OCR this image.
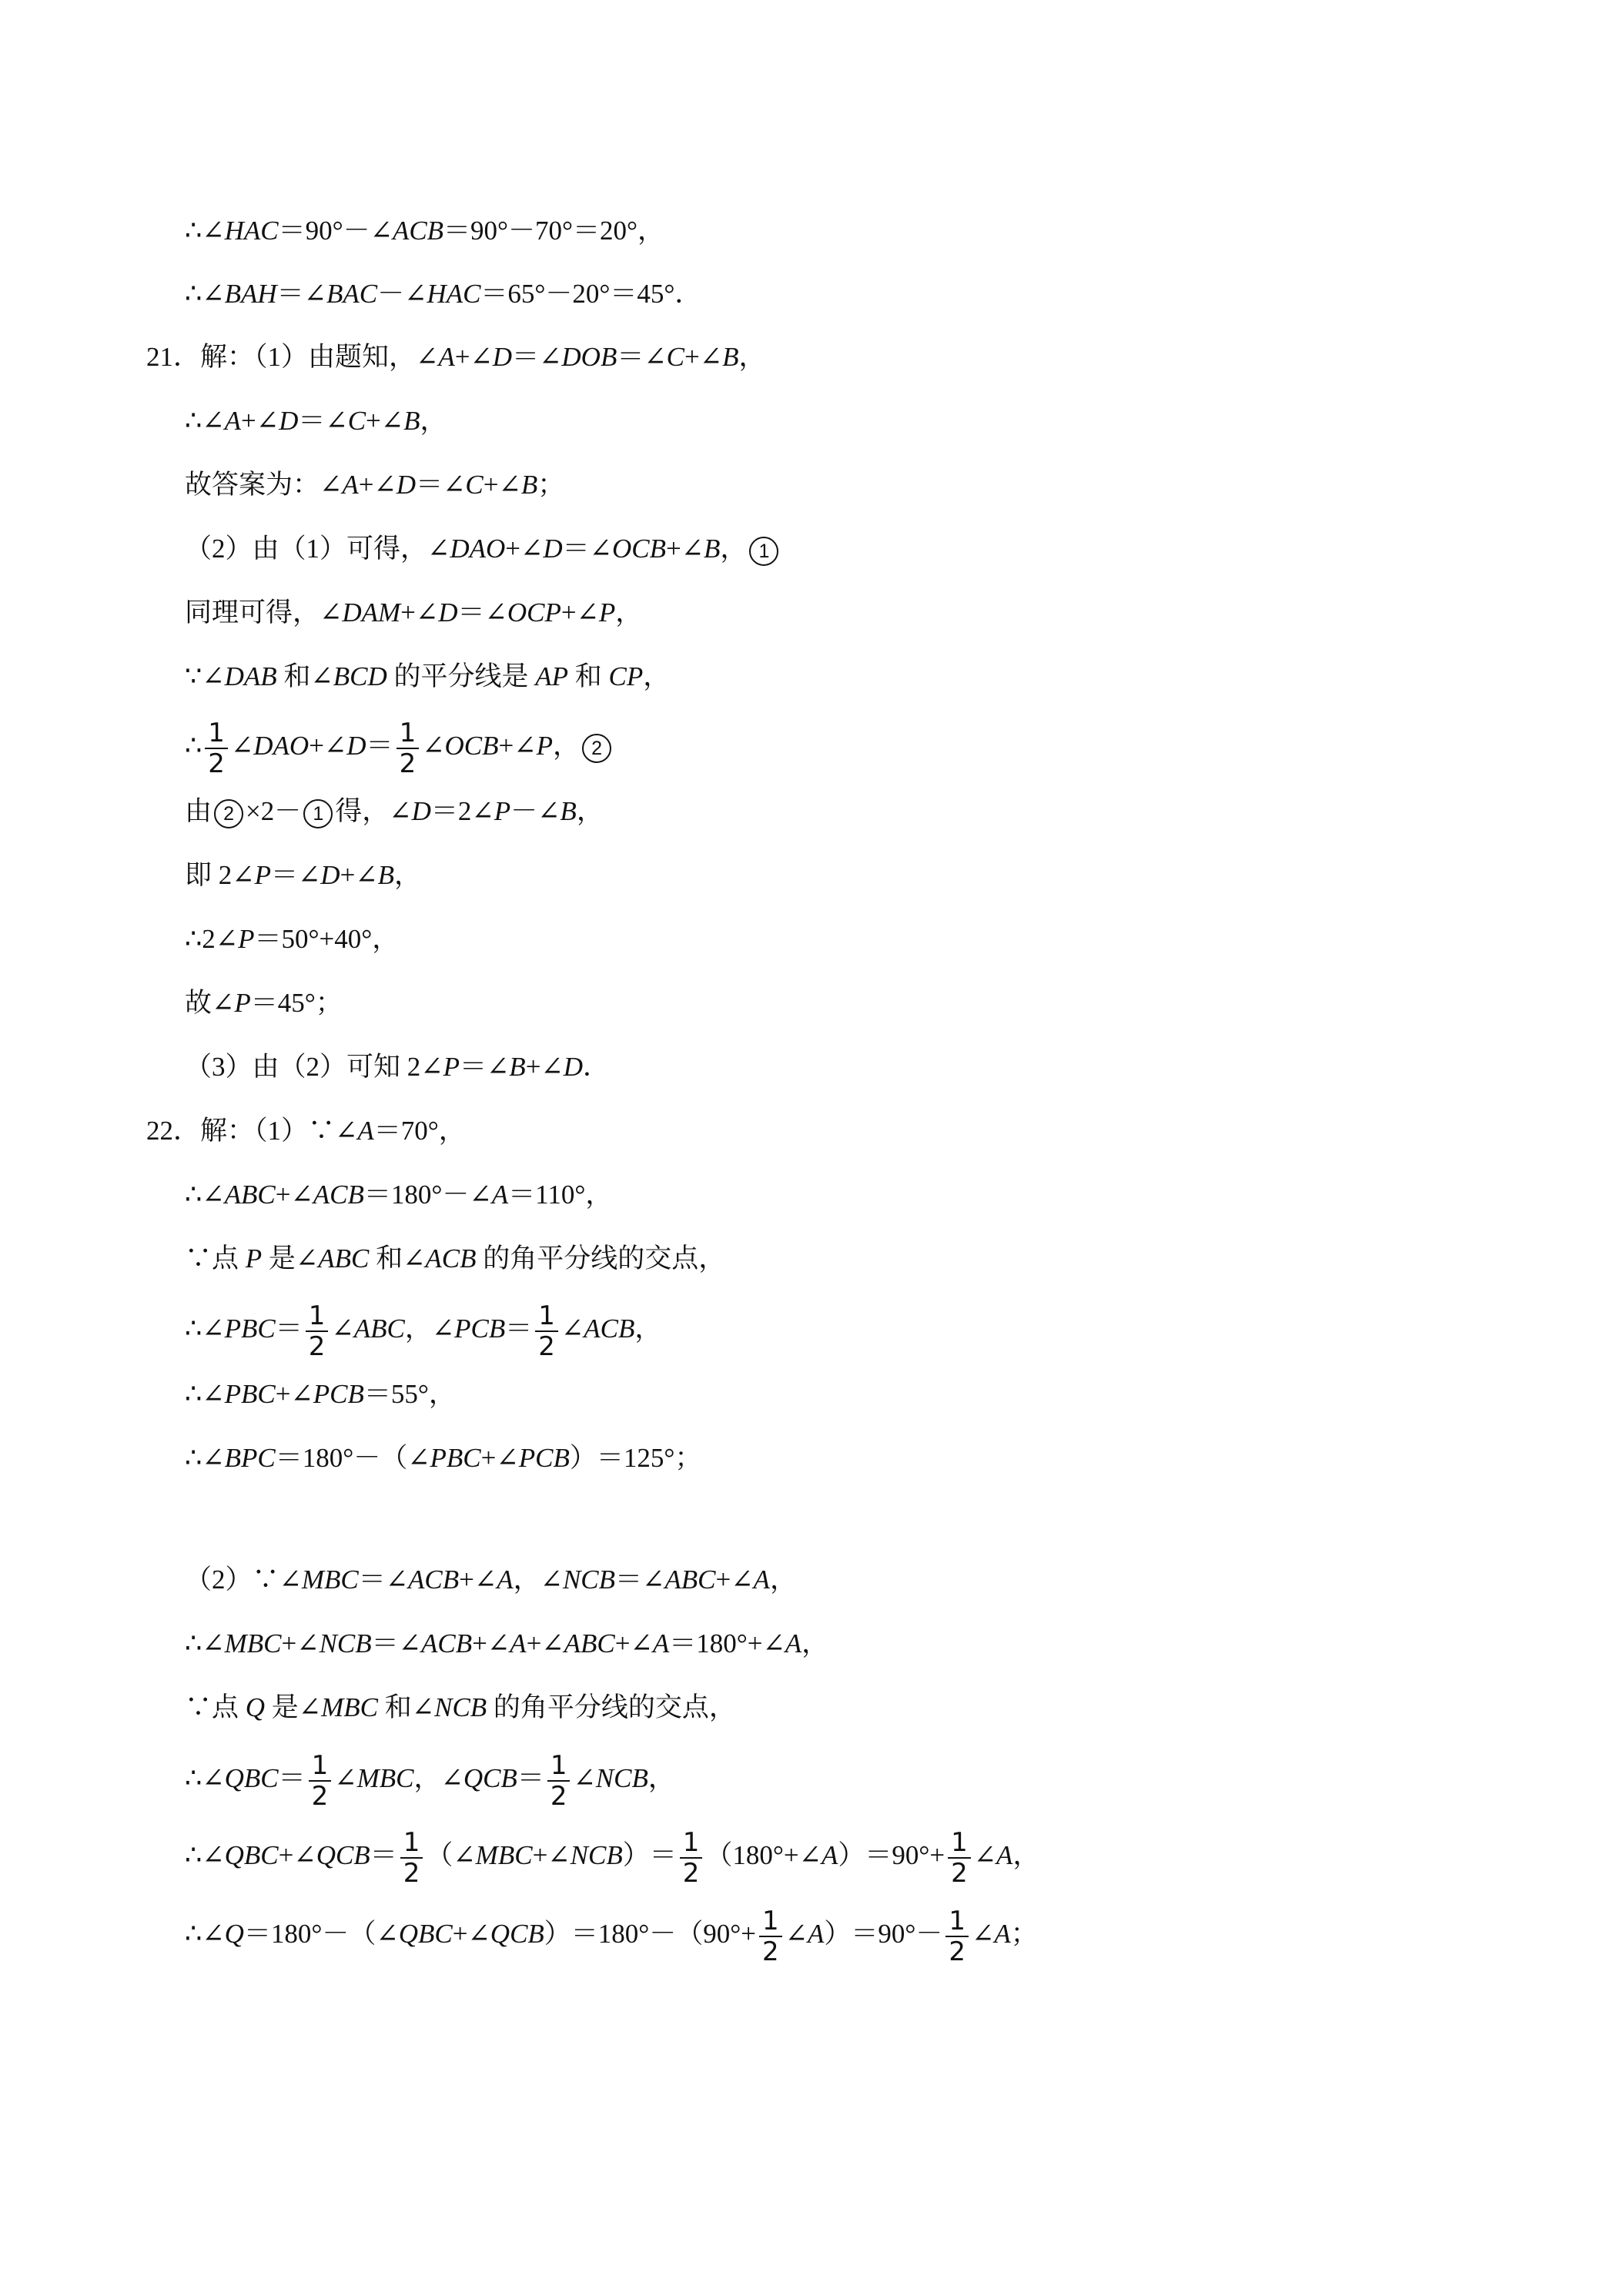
∴∠HAC＝90°－∠ACB＝90°－70°＝20°，
∴∠BAH＝∠BAC－∠HAC＝65°－20°＝45°．
21．解：（1）由题知，∠A+∠D＝∠DOB＝∠C+∠B，
∴∠A+∠D＝∠C+∠B，
故答案为：∠A+∠D＝∠C+∠B；
（2）由（1）可得，∠DAO+∠D＝∠OCB+∠B， 1
同理可得，∠DAM+∠D＝∠OCP+∠P，
∵∠DAB 和∠BCD 的平分线是 AP 和 CP，
∴ $\frac{1}{2}$ ∠DAO+∠D＝ $\frac{1}{2}$ ∠OCB+∠P， 2
由 2 ×2－ 1 得，∠D＝2∠P－∠B，
即 2∠P＝∠D+∠B，
∴2∠P＝50°+40°，
故∠P＝45°；
（3）由（2）可知 2∠P＝∠B+∠D．
22．解：（1）∵∠A＝70°，
∴∠ABC+∠ACB＝180°－∠A＝110°，
∵点 P 是∠ABC 和∠ACB 的角平分线的交点，
∴∠PBC＝ $\frac{1}{2}$ ∠ABC，∠PCB＝ $\frac{1}{2}$ ∠ACB，
∴∠PBC+∠PCB＝55°，
∴∠BPC＝180°－（∠PBC+∠PCB）＝125°；
（2）∵∠MBC＝∠ACB+∠A，∠NCB＝∠ABC+∠A，
∴∠MBC+∠NCB＝∠ACB+∠A+∠ABC+∠A＝180°+∠A，
∵点 Q 是∠MBC 和∠NCB 的角平分线的交点，
∴∠QBC＝ $\frac{1}{2}$ ∠MBC，∠QCB＝ $\frac{1}{2}$ ∠NCB，
∴∠QBC+∠QCB＝ $\frac{1}{2}$ （∠MBC+∠NCB）＝ $\frac{1}{2}$ （180°+∠A）＝90°+ $\frac{1}{2}$ ∠A，
∴∠Q＝180°－（∠QBC+∠QCB）＝180°－（90°+ $\frac{1}{2}$ ∠A）＝90°－ $\frac{1}{2}$ ∠A；
